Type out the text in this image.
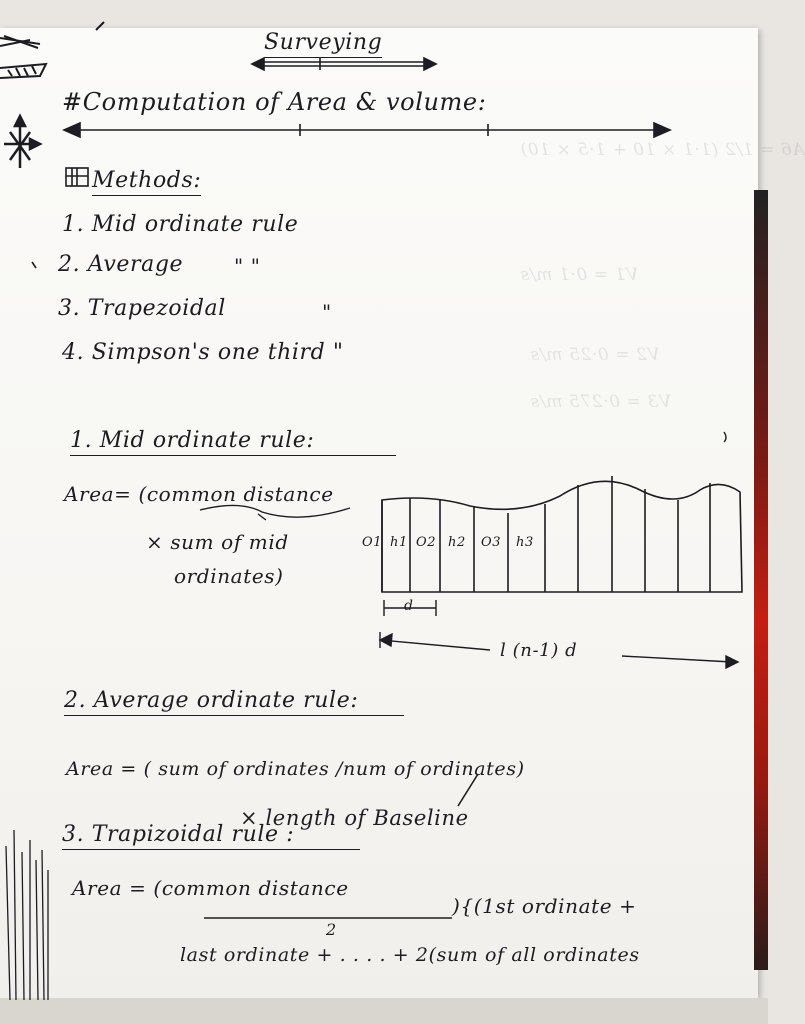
A6 = 1/2 (1·1 × 10 + 1·5 × 10)
V1 = 0·1 m/s
V2 = 0·25 m/s
V3 = 0·275 m/s
Surveying
#Computation of Area & volume:
Methods:
1. Mid ordinate rule
2. Average	" "
3. Trapezoidal	"
4. Simpson's one third "
1. Mid ordinate rule:
Area= (common distance
× sum of mid
ordinates)
O1 h1 O2 h2 O3 h3
d
l (n-1) d
2. Average ordinate rule:
Area = ( sum of ordinates /num of ordinates)
× length of Baseline
3. Trapizoidal rule :
Area = (common distance
2
){(1st ordinate +
last ordinate + . . . . + 2(sum of all ordinates
